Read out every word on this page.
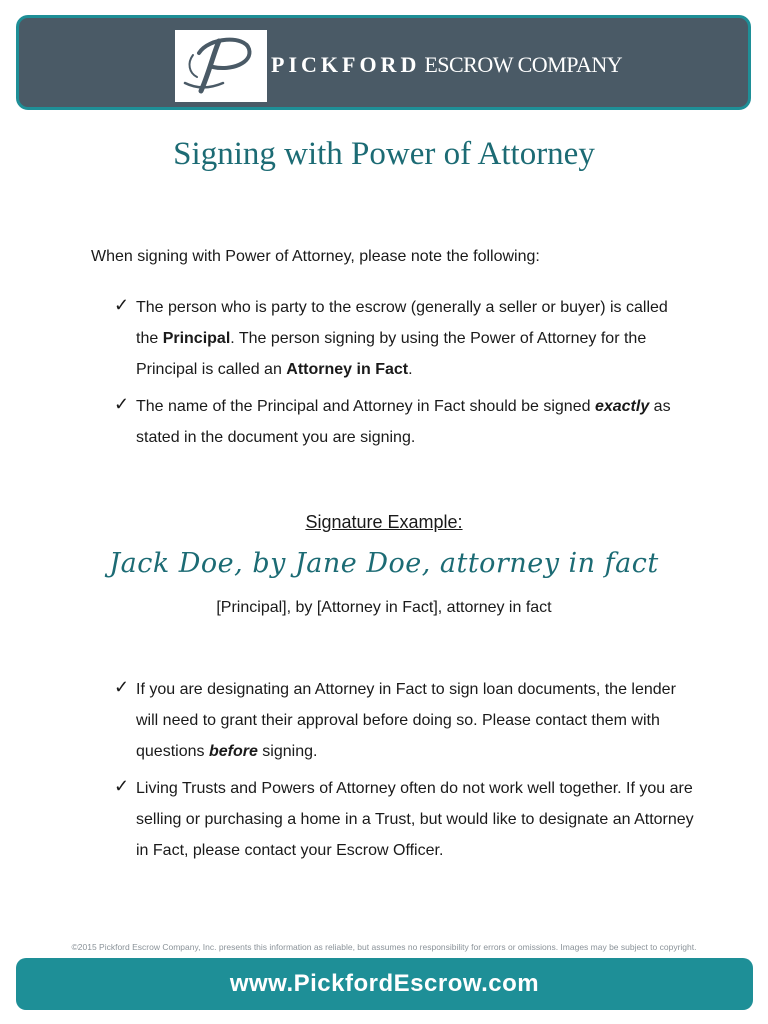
PICKFORD ESCROW COMPANY
Signing with Power of Attorney
When signing with Power of Attorney, please note the following:
✓ The person who is party to the escrow (generally a seller or buyer) is called the Principal. The person signing by using the Power of Attorney for the Principal is called an Attorney in Fact.
✓ The name of the Principal and Attorney in Fact should be signed exactly as stated in the document you are signing.
Signature Example:
Jack Doe, by Jane Doe, attorney in fact
[Principal], by [Attorney in Fact], attorney in fact
✓ If you are designating an Attorney in Fact to sign loan documents, the lender will need to grant their approval before doing so. Please contact them with questions before signing.
✓ Living Trusts and Powers of Attorney often do not work well together. If you are selling or purchasing a home in a Trust, but would like to designate an Attorney in Fact, please contact your Escrow Officer.
©2015 Pickford Escrow Company, Inc. presents this information as reliable, but assumes no responsibility for errors or omissions. Images may be subject to copyright.
www.PickfordEscrow.com
